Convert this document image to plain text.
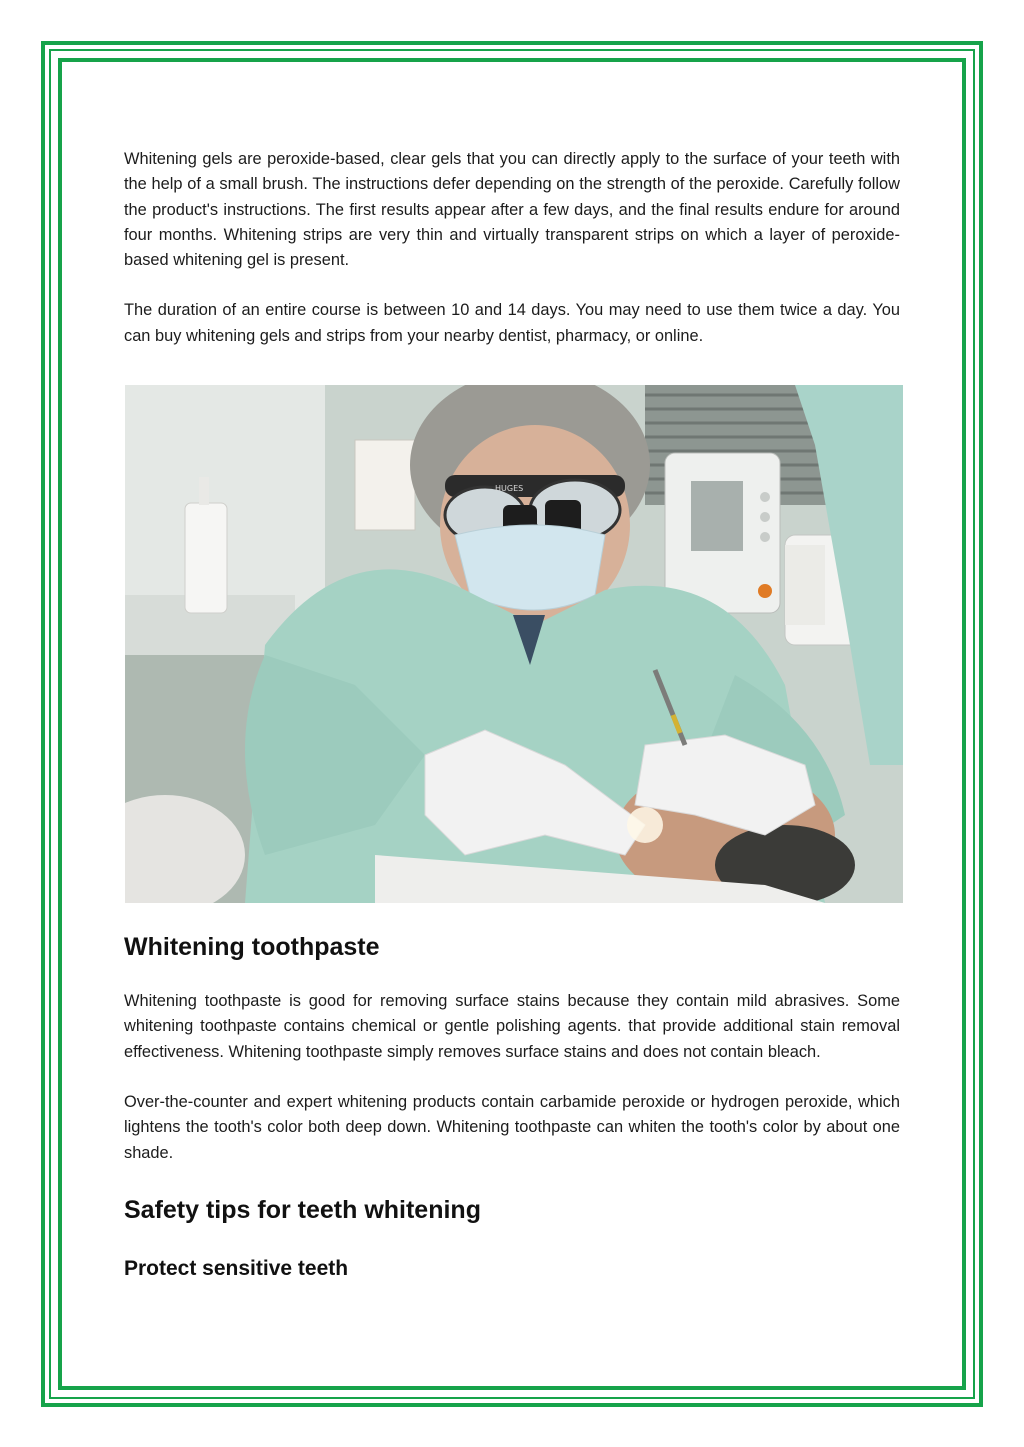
Whitening gels are peroxide-based, clear gels that you can directly apply to the surface of your teeth with the help of a small brush. The instructions defer depending on the strength of the peroxide. Carefully follow the product's instructions. The first results appear after a few days, and the final results endure for around four months. Whitening strips are very thin and virtually transparent strips on which a layer of peroxide-based whitening gel is present.

The duration of an entire course is between 10 and 14 days. You may need to use them twice a day. You can buy whitening gels and strips from your nearby dentist, pharmacy, or online.

HUGES
Whitening toothpaste

Whitening toothpaste is good for removing surface stains because they contain mild abrasives. Some whitening toothpaste contains chemical or gentle polishing agents. that provide additional stain removal effectiveness. Whitening toothpaste simply removes surface stains and does not contain bleach.

Over-the-counter and expert whitening products contain carbamide peroxide or hydrogen peroxide, which lightens the tooth's color both deep down. Whitening toothpaste can whiten the tooth's color by about one shade.

Safety tips for teeth whitening
Protect sensitive teeth
